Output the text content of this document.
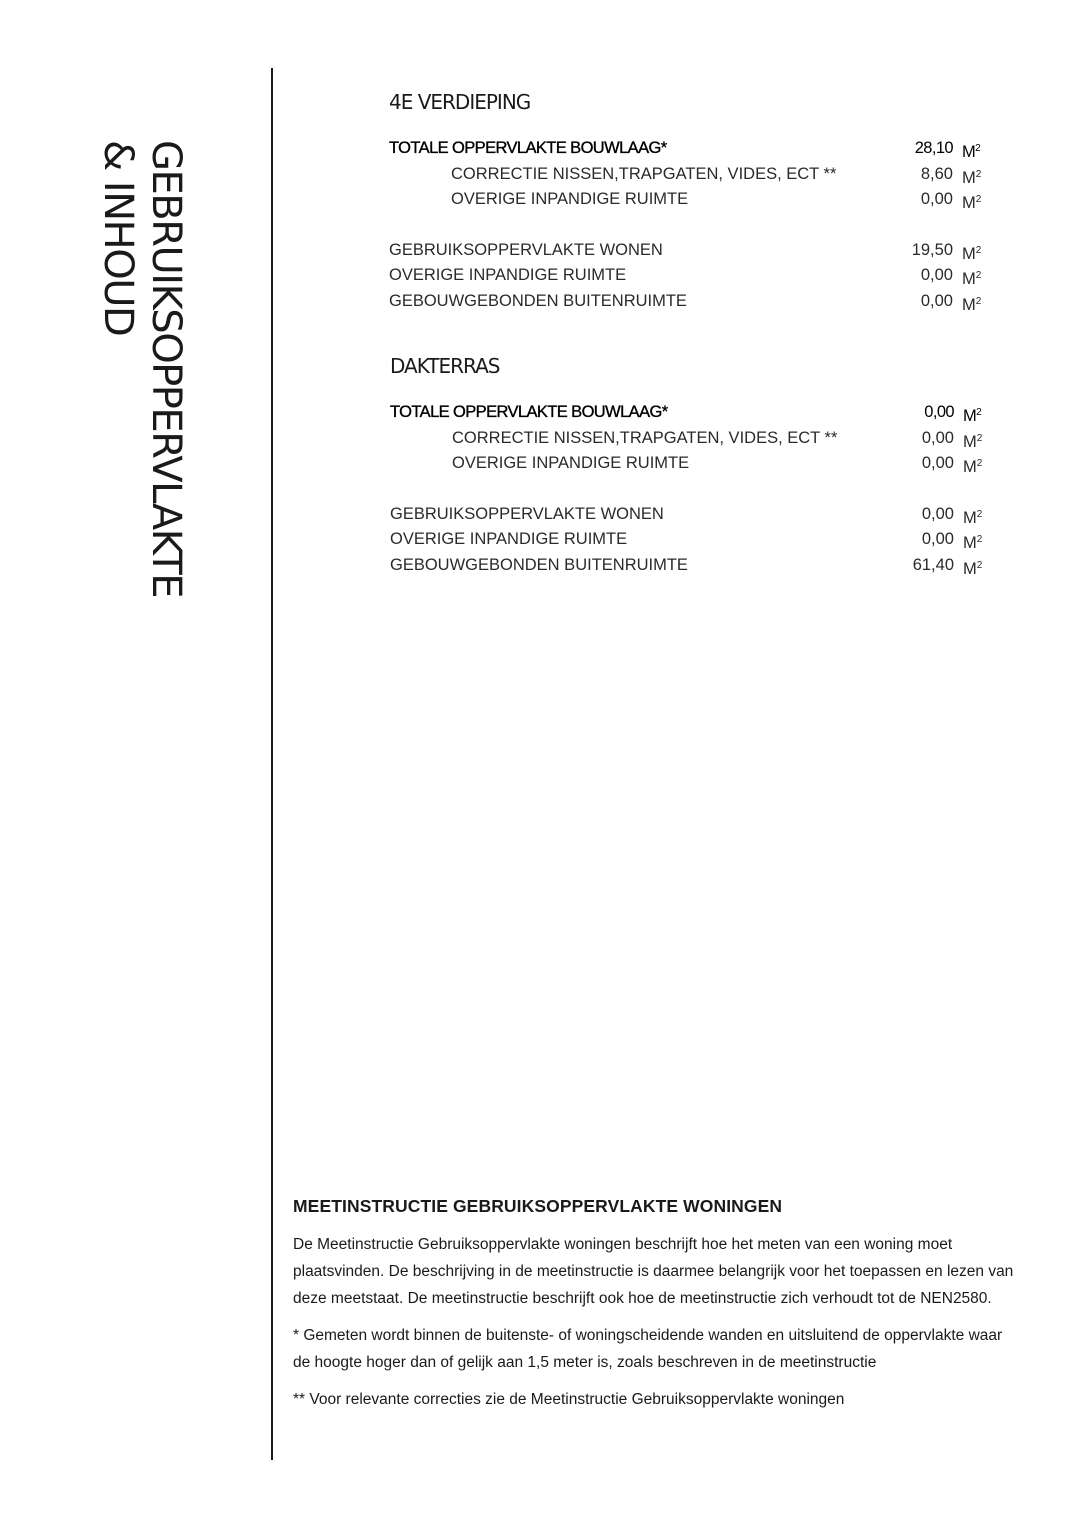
GEBRUIKSOPPERVLAKTE
& INHOUD
4E VERDIEPING
TOTALE OPPERVLAKTE BOUWLAAG*	28,10 $M^2$
CORRECTIE NISSEN,TRAPGATEN, VIDES, ECT **	8,60 $M^2$
OVERIGE INPANDIGE RUIMTE	0,00 $M^2$
GEBRUIKSOPPERVLAKTE WONEN	19,50 $M^2$
OVERIGE INPANDIGE RUIMTE	0,00 $M^2$
GEBOUWGEBONDEN BUITENRUIMTE	0,00 $M^2$
DAKTERRAS
TOTALE OPPERVLAKTE BOUWLAAG*	0,00 $M^2$
CORRECTIE NISSEN,TRAPGATEN, VIDES, ECT **	0,00 $M^2$
OVERIGE INPANDIGE RUIMTE	0,00 $M^2$
GEBRUIKSOPPERVLAKTE WONEN	0,00 $M^2$
OVERIGE INPANDIGE RUIMTE	0,00 $M^2$
GEBOUWGEBONDEN BUITENRUIMTE	61,40 $M^2$
MEETINSTRUCTIE GEBRUIKSOPPERVLAKTE WONINGEN

De Meetinstructie Gebruiksoppervlakte woningen beschrijft hoe het meten van een woning moet plaatsvinden. De beschrijving in de meetinstructie is daarmee belangrijk voor het toepassen en lezen van deze meetstaat. De meetinstructie beschrijft ook hoe de meetinstructie zich verhoudt tot de NEN2580.

* Gemeten wordt binnen de buitenste- of woningscheidende wanden en uitsluitend de oppervlakte waar de hoogte hoger dan of gelijk aan 1,5 meter is, zoals beschreven in de meetinstructie

** Voor relevante correcties zie de Meetinstructie Gebruiksoppervlakte woningen
